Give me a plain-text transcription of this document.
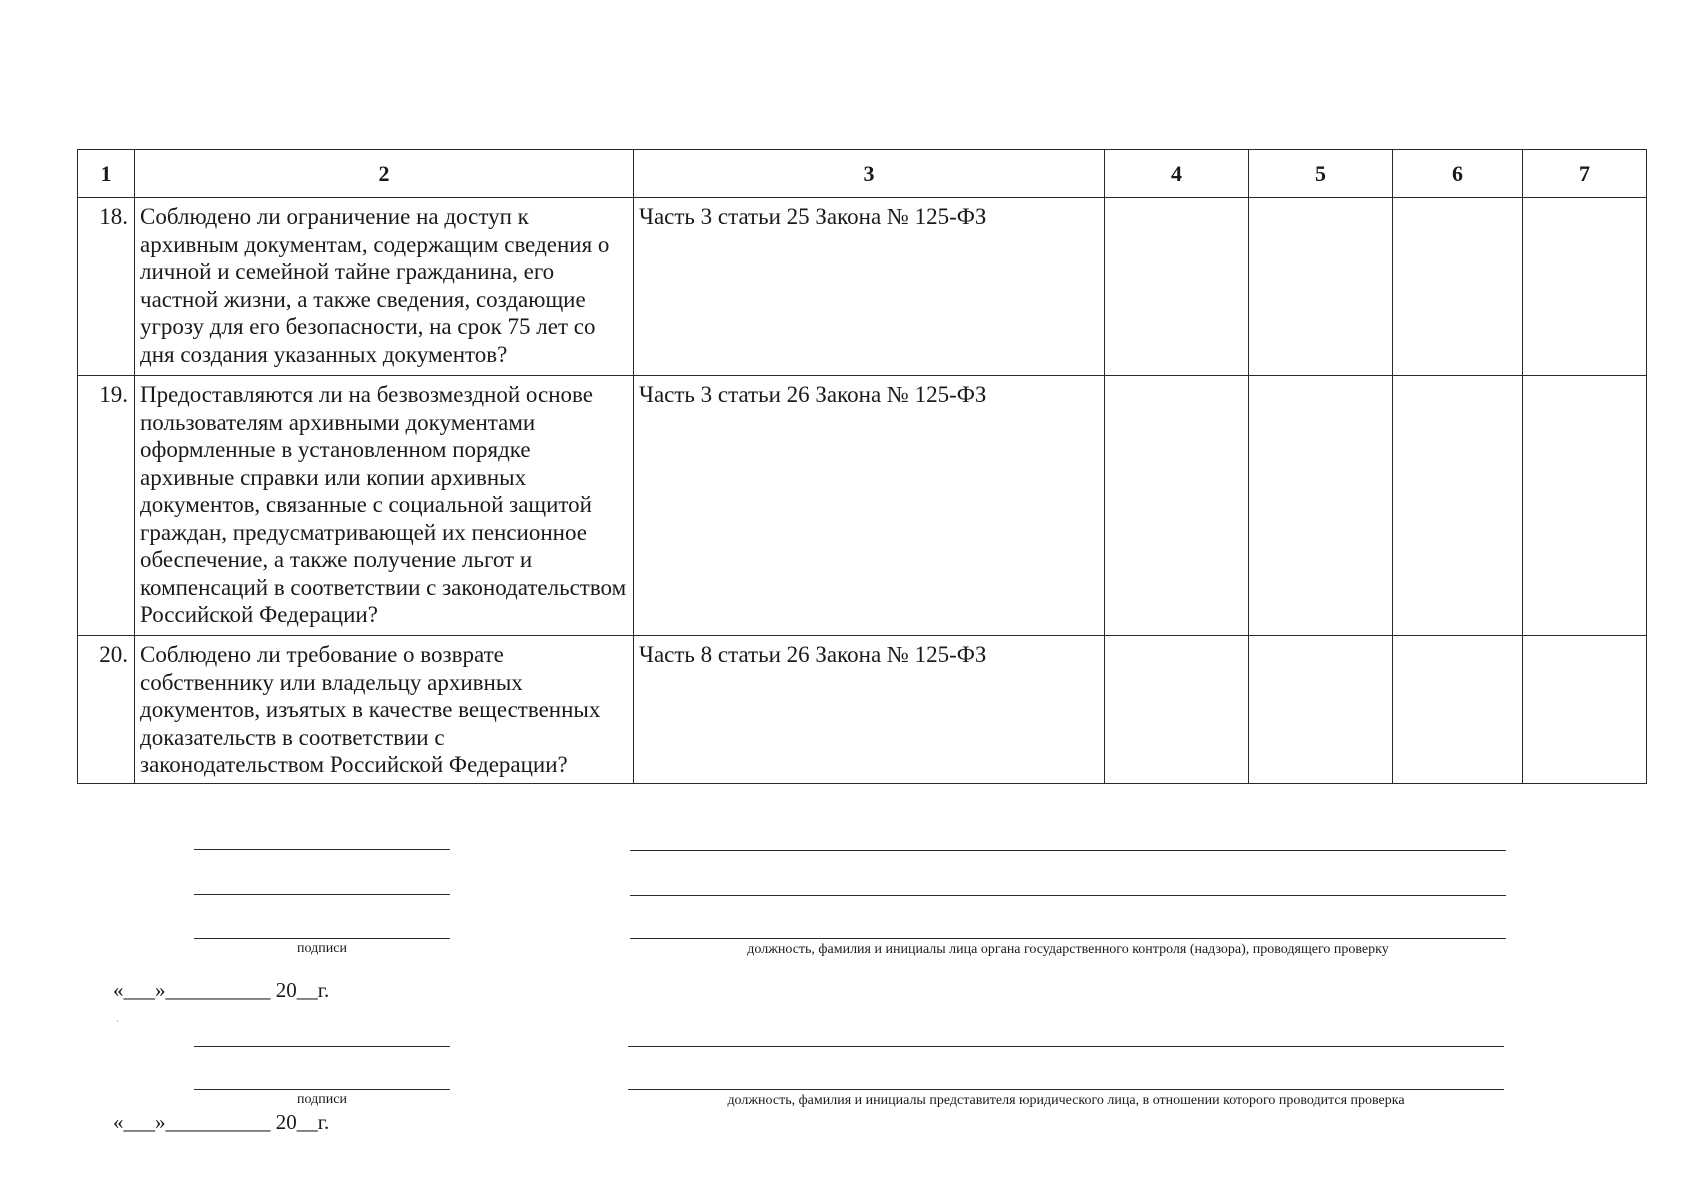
1	2	3	4	5	6	7
18.	Соблюдено ли ограничение на доступ к архивным документам, содержащим сведения о личной и семейной тайне гражданина, его частной жизни, а также сведения, создающие угрозу для его безопасности, на срок 75 лет со дня создания указанных документов?	Часть 3 статьи 25 Закона № 125-ФЗ				
19.	Предоставляются ли на безвозмездной основе пользователям архивными документами оформленные в установленном порядке архивные справки или копии архивных документов, связанные с социальной защитой граждан, предусматривающей их пенсионное обеспечение, а также получение льгот и компенсаций в соответствии с законодательством Российской Федерации?	Часть 3 статьи 26 Закона № 125-ФЗ				
20.	Соблюдено ли требование о возврате собственнику или владельцу архивных документов, изъятых в качестве вещественных доказательств в соответствии с законодательством Российской Федерации?	Часть 8 статьи 26 Закона № 125-ФЗ				
подписи	должность, фамилия и инициалы лица органа государственного контроля (надзора), проводящего проверку
«___»__________ 20__г.
подписи	должность, фамилия и инициалы представителя юридического лица, в отношении которого проводится проверка
«___»__________ 20__г.
ˋ
